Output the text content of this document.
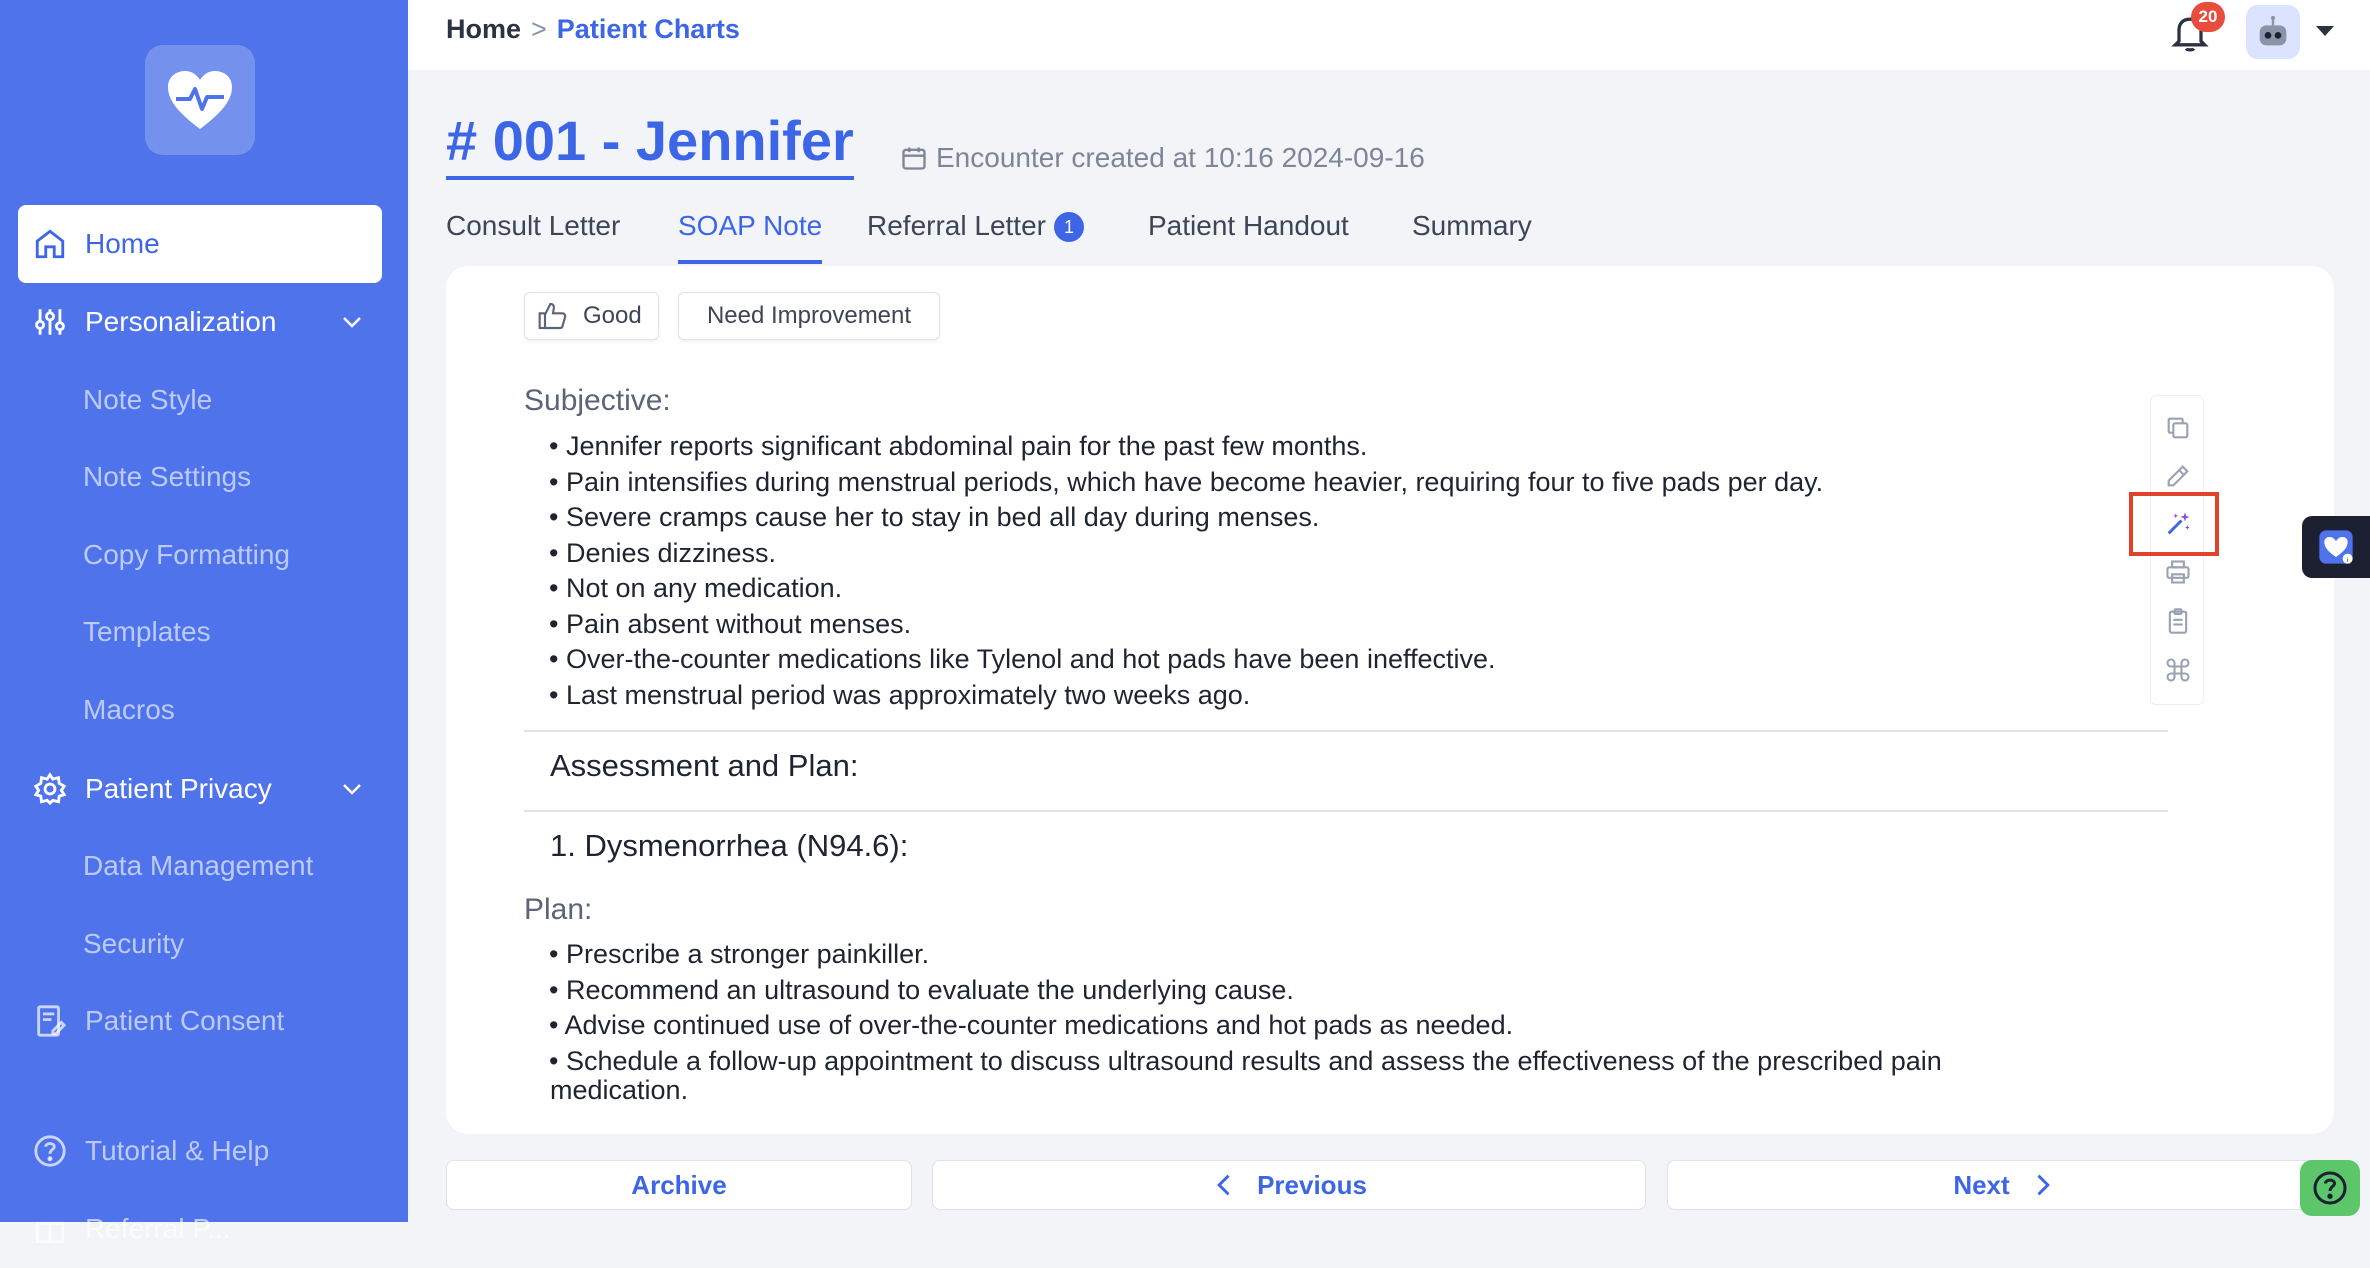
Home
Personalization
Note Style
Note Settings
Copy Formatting
Templates
Macros
Patient Privacy
Data Management
Security
Patient Consent
Tutorial & Help
Referral P...
Home > Patient Charts	20
# 001 - Jennifer	Encounter created at 10:16 2024-09-16
Consult Letter SOAP Note Referral Letter 1	Patient Handout Summary
Good	Need Improvement
Subjective:
• Jennifer reports significant abdominal pain for the past few months.
• Pain intensifies during menstrual periods, which have become heavier, requiring four to five pads per day.
• Severe cramps cause her to stay in bed all day during menses.
• Denies dizziness.
• Not on any medication.
• Pain absent without menses.
• Over-the-counter medications like Tylenol and hot pads have been ineffective.
• Last menstrual period was approximately two weeks ago.
Assessment and Plan:
1. Dysmenorrhea (N94.6):
Plan:
• Prescribe a stronger painkiller.
• Recommend an ultrasound to evaluate the underlying cause.
• Advise continued use of over-the-counter medications and hot pads as needed.
• Schedule a follow-up appointment to discuss ultrasound results and assess the effectiveness of the prescribed pain
medication.
i
Archive	Previous	Next
